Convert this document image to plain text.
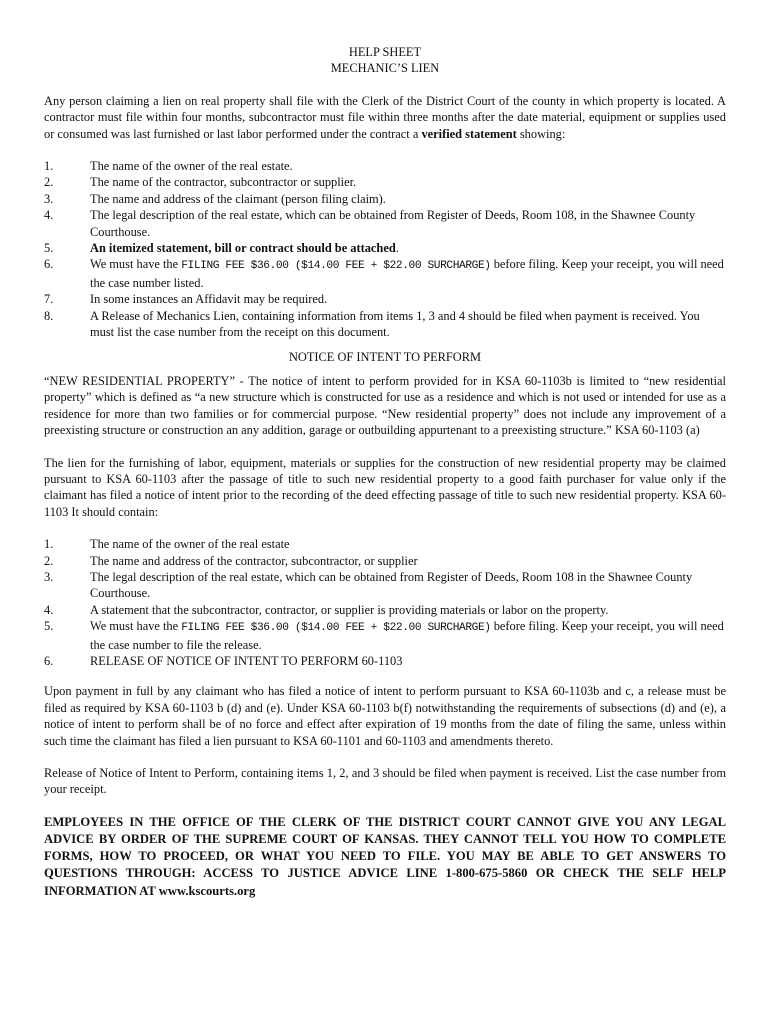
HELP SHEET

MECHANIC’S LIEN

Any person claiming a lien on real property shall file with the Clerk of the District Court of the county in which property is located. A contractor must file within four months, subcontractor must file within three months after the date material, equipment or supplies used or consumed was last furnished or last labor performed under the contract a verified statement showing:

1.	The name of the owner of the real estate.
2.	The name of the contractor, subcontractor or supplier.
3.	The name and address of the claimant (person filing claim).
4.	The legal description of the real estate, which can be obtained from Register of Deeds, Room 108, in the Shawnee County Courthouse.
5.	An itemized statement, bill or contract should be attached.
6.	We must have the FILING FEE $36.00 ($14.00 FEE + $22.00 SURCHARGE) before filing. Keep your receipt, you will need the case number listed.
7.	In some instances an Affidavit may be required.
8.	A Release of Mechanics Lien, containing information from items 1, 3 and 4 should be filed when payment is received. You must list the case number from the receipt on this document.

NOTICE OF INTENT TO PERFORM

“NEW RESIDENTIAL PROPERTY” - The notice of intent to perform provided for in KSA 60-1103b is limited to “new residential property” which is defined as “a new structure which is constructed for use as a residence and which is not used or intended for use as a residence for more than two families or for commercial purpose. “New residential property” does not include any improvement of a preexisting structure or construction an any addition, garage or outbuilding appurtenant to a preexisting structure.” KSA 60-1103 (a)

The lien for the furnishing of labor, equipment, materials or supplies for the construction of new residential property may be claimed pursuant to KSA 60-1103 after the passage of title to such new residential property to a good faith purchaser for value only if the claimant has filed a notice of intent prior to the recording of the deed effecting passage of title to such new residential property. KSA 60-1103 It should contain:

1.	The name of the owner of the real estate
2.	The name and address of the contractor, subcontractor, or supplier
3.	The legal description of the real estate, which can be obtained from Register of Deeds, Room 108 in the Shawnee County Courthouse.
4.	A statement that the subcontractor, contractor, or supplier is providing materials or labor on the property.
5.	We must have the FILING FEE $36.00 ($14.00 FEE + $22.00 SURCHARGE) before filing. Keep your receipt, you will need the case number to file the release.
6.	RELEASE OF NOTICE OF INTENT TO PERFORM 60-1103

Upon payment in full by any claimant who has filed a notice of intent to perform pursuant to KSA 60-1103b and c, a release must be filed as required by KSA 60-1103 b (d) and (e). Under KSA 60-1103 b(f) notwithstanding the requirements of subsections (d) and (e), a notice of intent to perform shall be of no force and effect after expiration of 19 months from the date of filing the same, unless within such time the claimant has filed a lien pursuant to KSA 60-1101 and 60-1103 and amendments thereto.

Release of Notice of Intent to Perform, containing items 1, 2, and 3 should be filed when payment is received. List the case number from your receipt.

EMPLOYEES IN THE OFFICE OF THE CLERK OF THE DISTRICT COURT CANNOT GIVE YOU ANY LEGAL ADVICE BY ORDER OF THE SUPREME COURT OF KANSAS. THEY CANNOT TELL YOU HOW TO COMPLETE FORMS, HOW TO PROCEED, OR WHAT YOU NEED TO FILE. YOU MAY BE ABLE TO GET ANSWERS TO QUESTIONS THROUGH: ACCESS TO JUSTICE ADVICE LINE 1-800-675-5860 OR CHECK THE SELF HELP INFORMATION AT www.kscourts.org
